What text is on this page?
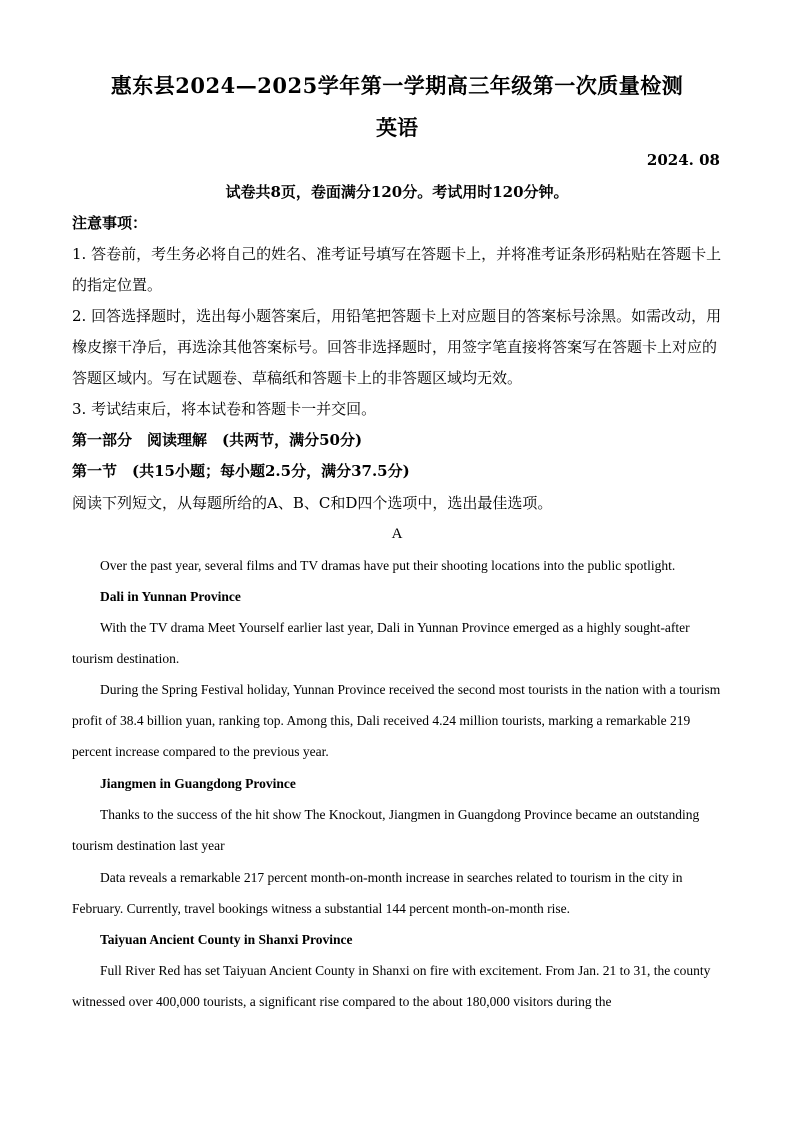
惠东县2024—2025学年第一学期高三年级第一次质量检测
英语
2024. 08
试卷共8页，卷面满分120分。考试用时120分钟。
注意事项：
1. 答卷前，考生务必将自己的姓名、准考证号填写在答题卡上，并将准考证条形码粘贴在答题卡上的指定位置。
2. 回答选择题时，选出每小题答案后，用铅笔把答题卡上对应题目的答案标号涂黑。如需改动，用橡皮擦干净后，再选涂其他答案标号。回答非选择题时，用签字笔直接将答案写在答题卡上对应的答题区域内。写在试题卷、草稿纸和答题卡上的非答题区域均无效。
3. 考试结束后，将本试卷和答题卡一并交回。
第一部分　阅读理解　(共两节，满分50分)
第一节　(共15小题；每小题2.5分，满分37.5分)
阅读下列短文，从每题所给的A、B、C和D四个选项中，选出最佳选项。
A
Over the past year, several films and TV dramas have put their shooting locations into the public spotlight.
Dali in Yunnan Province
With the TV drama Meet Yourself earlier last year, Dali in Yunnan Province emerged as a highly sought-after tourism destination.
During the Spring Festival holiday, Yunnan Province received the second most tourists in the nation with a tourism profit of 38.4 billion yuan, ranking top. Among this, Dali received 4.24 million tourists, marking a remarkable 219 percent increase compared to the previous year.
Jiangmen in Guangdong Province
Thanks to the success of the hit show The Knockout, Jiangmen in Guangdong Province became an outstanding tourism destination last year
Data reveals a remarkable 217 percent month-on-month increase in searches related to tourism in the city in February. Currently, travel bookings witness a substantial 144 percent month-on-month rise.
Taiyuan Ancient County in Shanxi Province
Full River Red has set Taiyuan Ancient County in Shanxi on fire with excitement. From Jan. 21 to 31, the county witnessed over 400,000 tourists, a significant rise compared to the about 180,000 visitors during the
